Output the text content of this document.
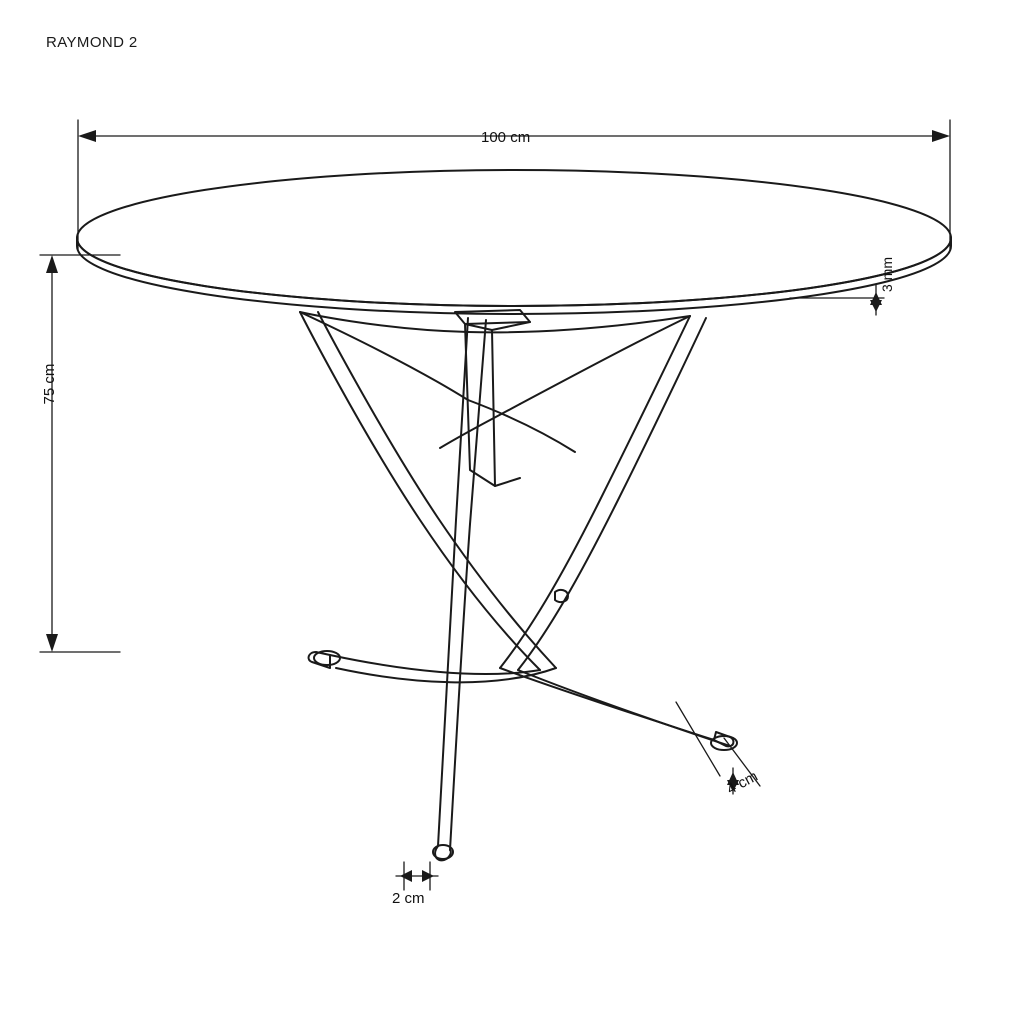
RAYMOND 2
100 cm
75 cm
3 mm
4 cm
2 cm
